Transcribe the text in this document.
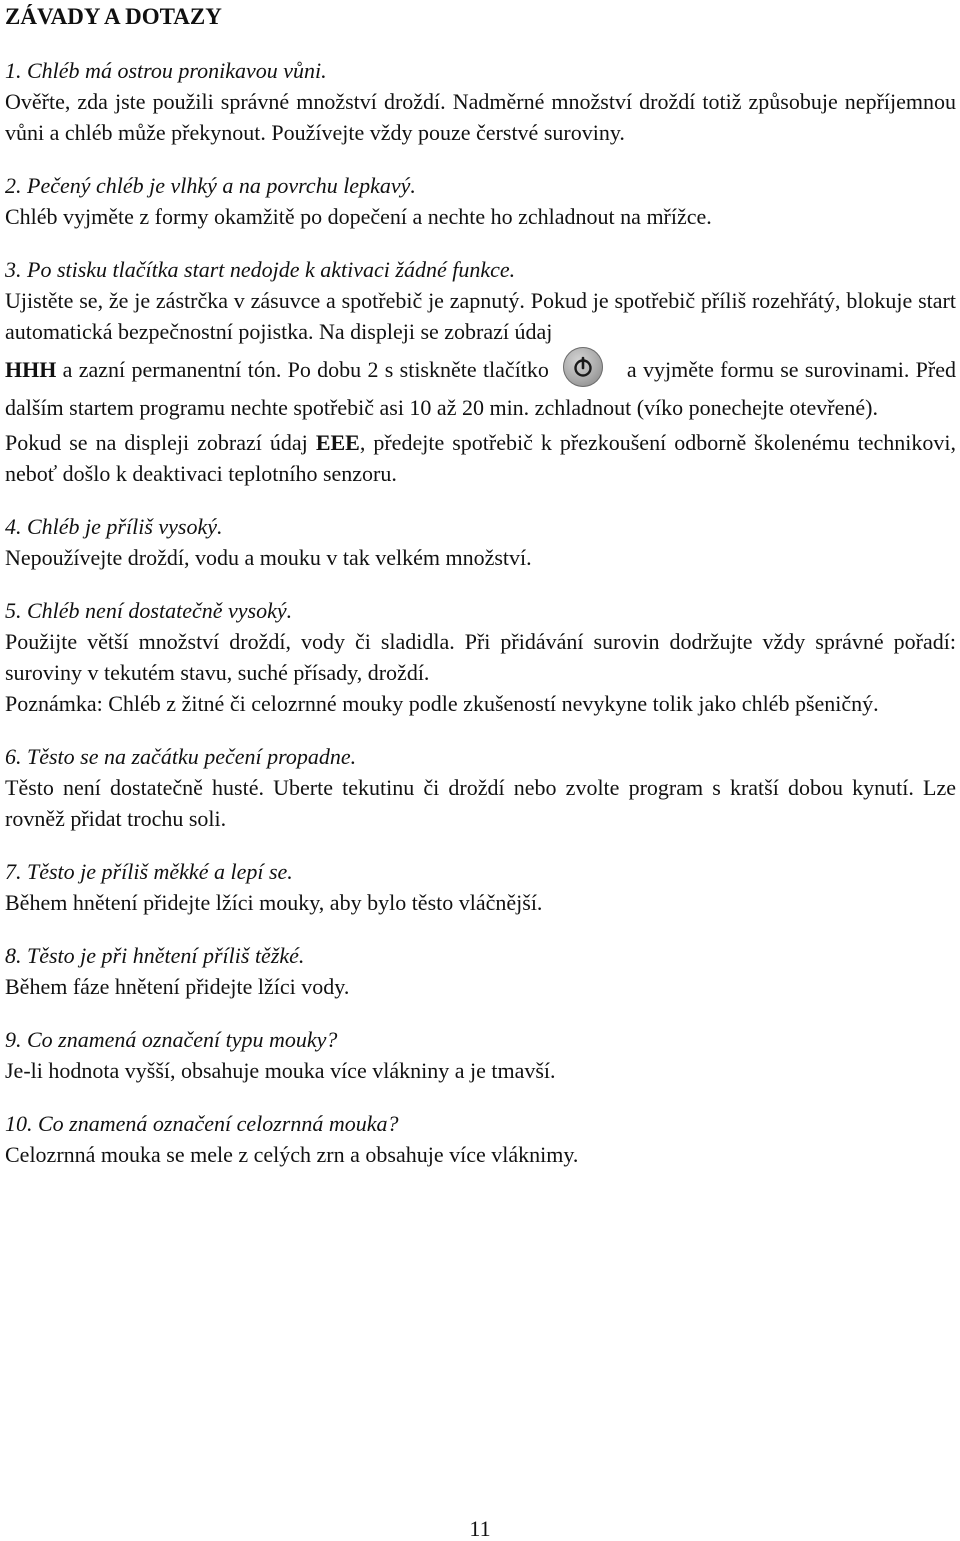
ZÁVADY A DOTAZY

1. Chléb má ostrou pronikavou vůni.

Ověřte, zda jste použili správné množství droždí. Nadměrné množství droždí totiž způsobuje nepříjemnou vůni a chléb může překynout. Používejte vždy pouze čerstvé suroviny.

2. Pečený chléb je vlhký a na povrchu lepkavý.

Chléb vyjměte z formy okamžitě po dopečení a nechte ho zchladnout na mřížce.

3. Po stisku tlačítka start nedojde k aktivaci žádné funkce.

Ujistěte se, že je zástrčka v zásuvce a spotřebič je zapnutý. Pokud je spotřebič příliš rozehřátý, blokuje start automatická bezpečnostní pojistka. Na displeji se zobrazí údaj

HHH a zazní permanentní tón. Po dobu 2 s stiskněte tlačítko	a vyjměte formu se surovinami. Před dalším startem programu nechte spotřebič asi 10 až 20 min. zchladnout (víko ponechejte otevřené).

Pokud se na displeji zobrazí údaj EEE, předejte spotřebič k přezkoušení odborně školenému technikovi, neboť došlo k deaktivaci teplotního senzoru.

4. Chléb je příliš vysoký.

Nepoužívejte droždí, vodu a mouku v tak velkém množství.

5. Chléb není dostatečně vysoký.

Použijte větší množství droždí, vody či sladidla. Při přidávání surovin dodržujte vždy správné pořadí: suroviny v tekutém stavu, suché přísady, droždí.

Poznámka: Chléb z žitné či celozrnné mouky podle zkušeností nevykyne tolik jako chléb pšeničný.

6. Těsto se na začátku pečení propadne.

Těsto není dostatečně husté. Uberte tekutinu či droždí nebo zvolte program s kratší dobou kynutí. Lze rovněž přidat trochu soli.

7. Těsto je příliš měkké a lepí se.

Během hnětení přidejte lžíci mouky, aby bylo těsto vláčnější.

8. Těsto je při hnětení příliš těžké.

Během fáze hnětení přidejte lžíci vody.

9. Co znamená označení typu mouky?

Je-li hodnota vyšší, obsahuje mouka více vlákniny a je tmavší.

10. Co znamená označení celozrnná mouka?

Celozrnná mouka se mele z celých zrn a obsahuje více vláknimy.

11
